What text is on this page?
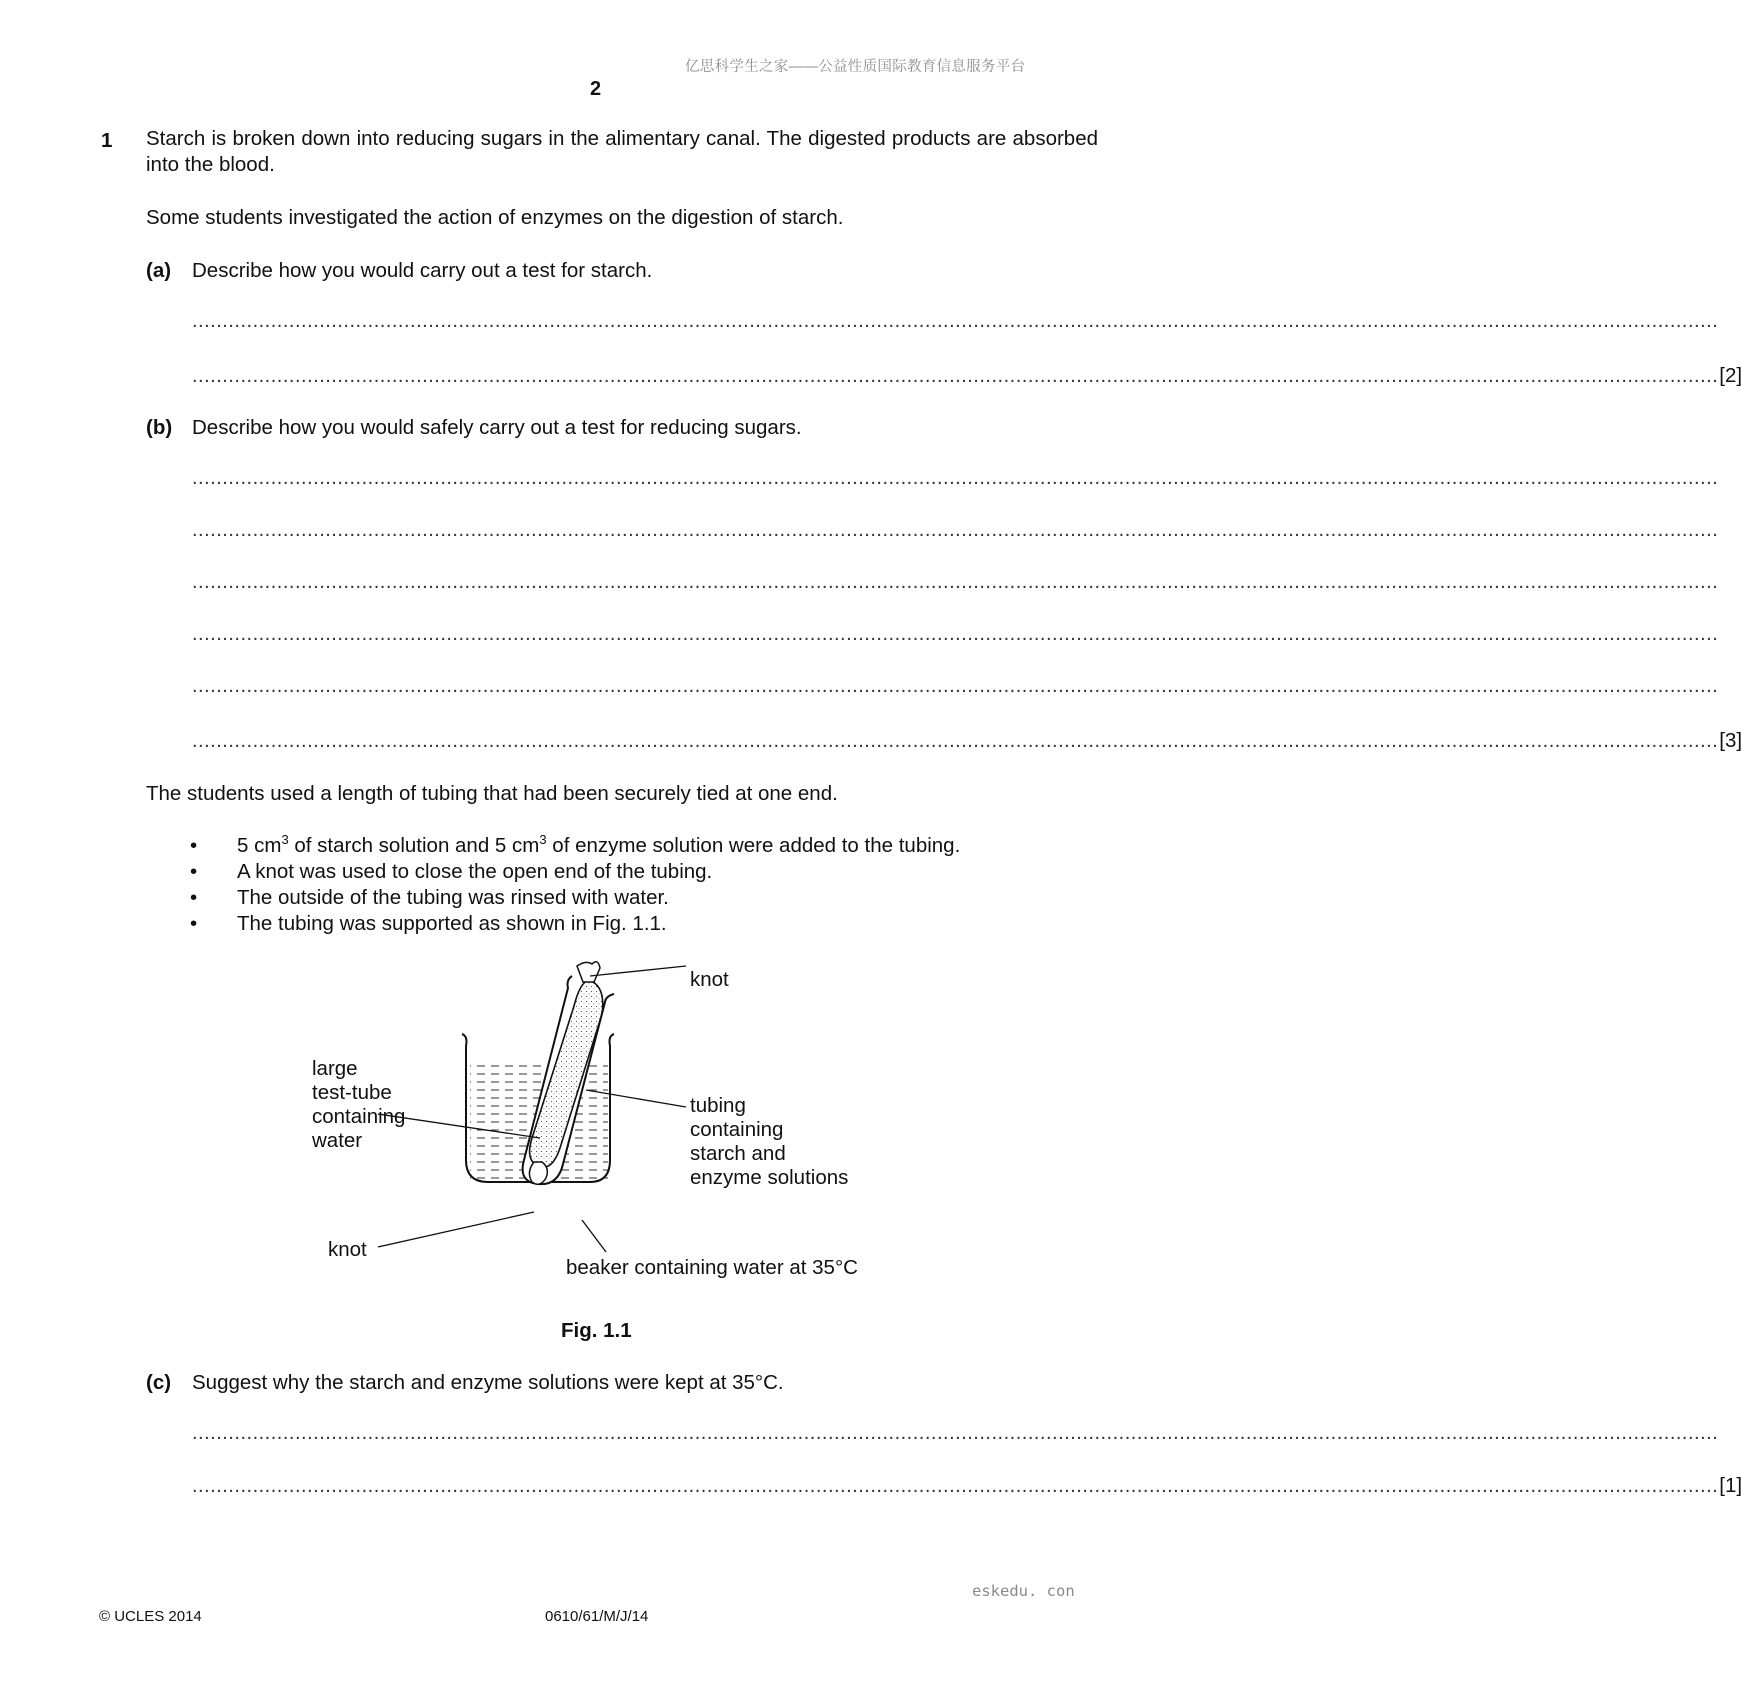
亿思科学生之家——公益性质国际教育信息服务平台
2
1 Starch is broken down into reducing sugars in the alimentary canal. The digested products are absorbed into the blood.
Some students investigated the action of enzymes on the digestion of starch.
(a) Describe how you would carry out a test for starch.
............................................................................................................................................................................................................................................................
............................................................................................................................................................................................................................................................ [2]
(b) Describe how you would safely carry out a test for reducing sugars.
............................................................................................................................................................................................................................................................
............................................................................................................................................................................................................................................................
............................................................................................................................................................................................................................................................
............................................................................................................................................................................................................................................................
............................................................................................................................................................................................................................................................
............................................................................................................................................................................................................................................................ [3]
The students used a length of tubing that had been securely tied at one end.
• 5 $cm^3$ of starch solution and 5 $cm^3$ of enzyme solution were added to the tubing.
• A knot was used to close the open end of the tubing.
• The outside of the tubing was rinsed with water.
• The tubing was supported as shown in Fig. 1.1.
knot
large
test-tube
containing
water
tubing
containing
starch and
enzyme solutions
knot
beaker containing water at 35°C
Fig. 1.1
(c) Suggest why the starch and enzyme solutions were kept at 35°C.
............................................................................................................................................................................................................................................................
............................................................................................................................................................................................................................................................ [1]
eskedu. con
© UCLES 2014	0610/61/M/J/14
